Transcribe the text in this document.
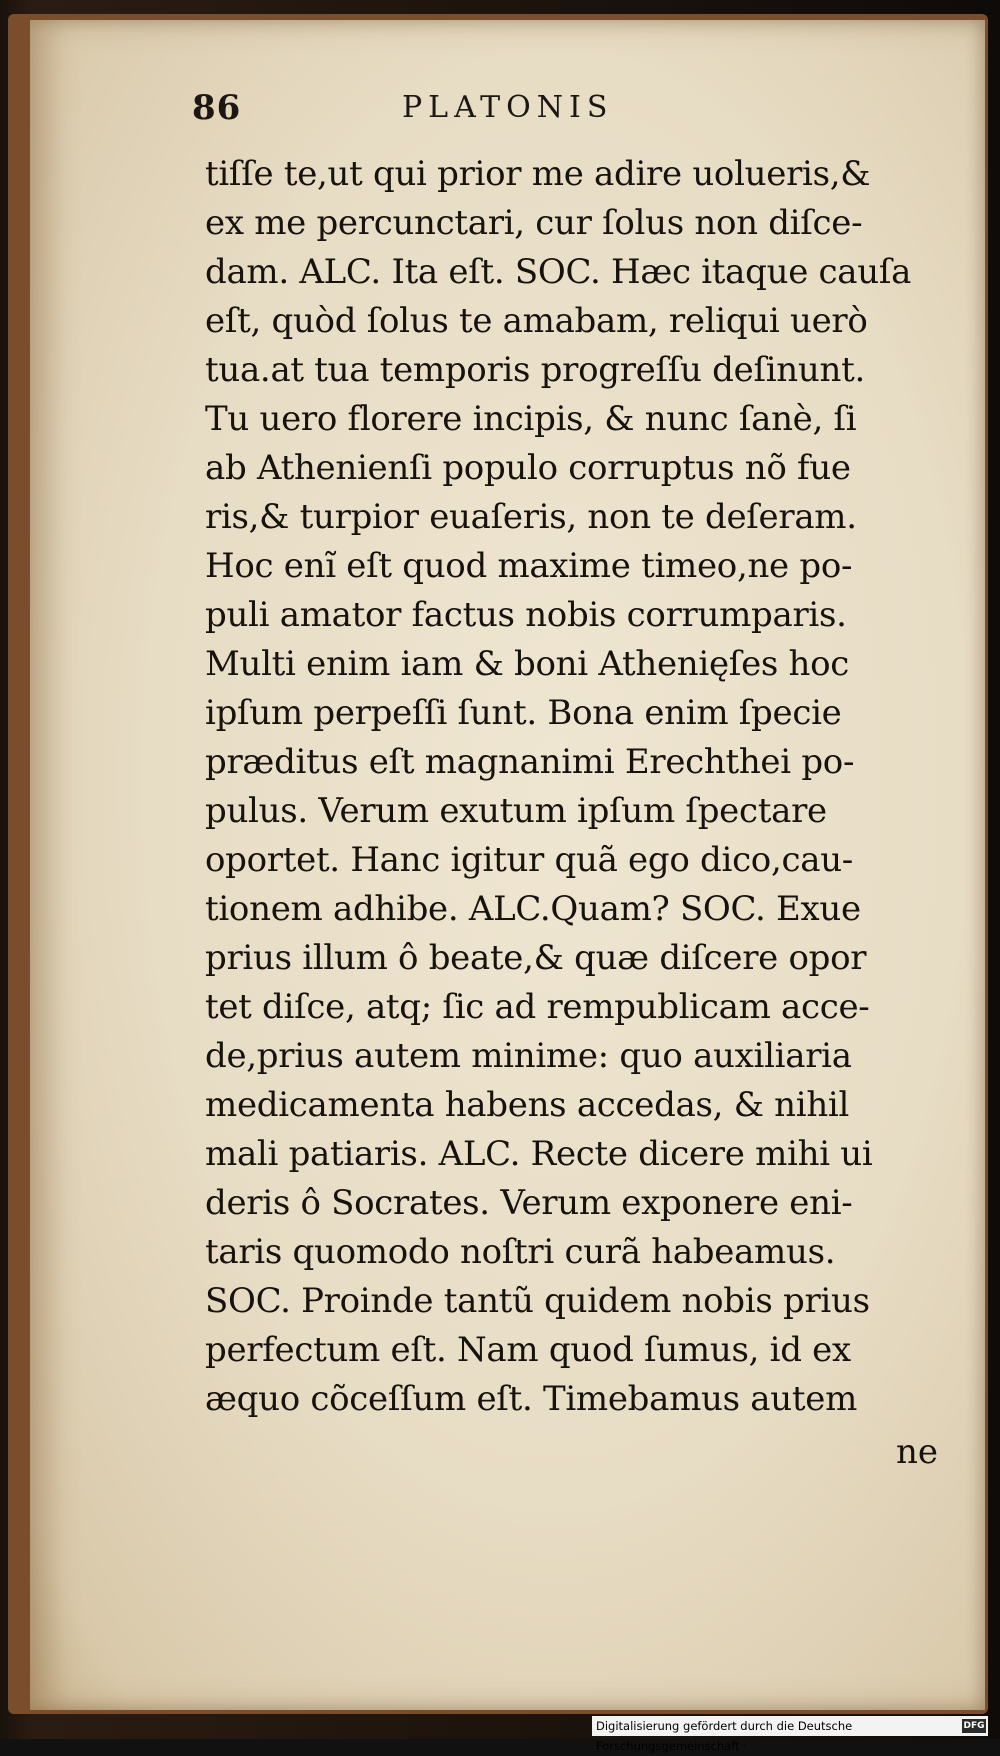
86	PLATONIS
tiſſe te,ut qui prior me adire uolueris,&
ex me percunctari, cur ſolus non diſce-
dam. ALC. Ita eſt. SOC. Hæc itaque cauſa
eſt, quòd ſolus te amabam, reliqui uerò
tua.at tua temporis progreſſu deſinunt.
Tu uero florere incipis, & nunc ſanè, ſi
ab Athenienſi populo corruptus nõ fue
ris,& turpior euaſeris, non te deſeram.
Hoc enĩ eſt quod maxime timeo,ne po-
puli amator factus nobis corrumparis.
Multi enim iam & boni Athenięſes hoc
ipſum perpeſſi ſunt. Bona enim ſpecie
præditus eſt magnanimi Erechthei po-
pulus. Verum exutum ipſum ſpectare
oportet. Hanc igitur quã ego dico,cau-
tionem adhibe. ALC.Quam? SOC. Exue
prius illum ô beate,& quæ diſcere opor
tet diſce, atq; ſic ad rempublicam acce-
de,prius autem minime: quo auxiliaria
medicamenta habens accedas, & nihil
mali patiaris. ALC. Recte dicere mihi ui
deris ô Socrates. Verum exponere eni-
taris quomodo noſtri curã habeamus.
SOC. Proinde tantũ quidem nobis prius
perfectum eſt. Nam quod ſumus, id ex
æquo cõceſſum eſt. Timebamus autem
ne
Digitalisierung gefördert durch die Deutsche Forschungsgemeinschaft ·
DFG
